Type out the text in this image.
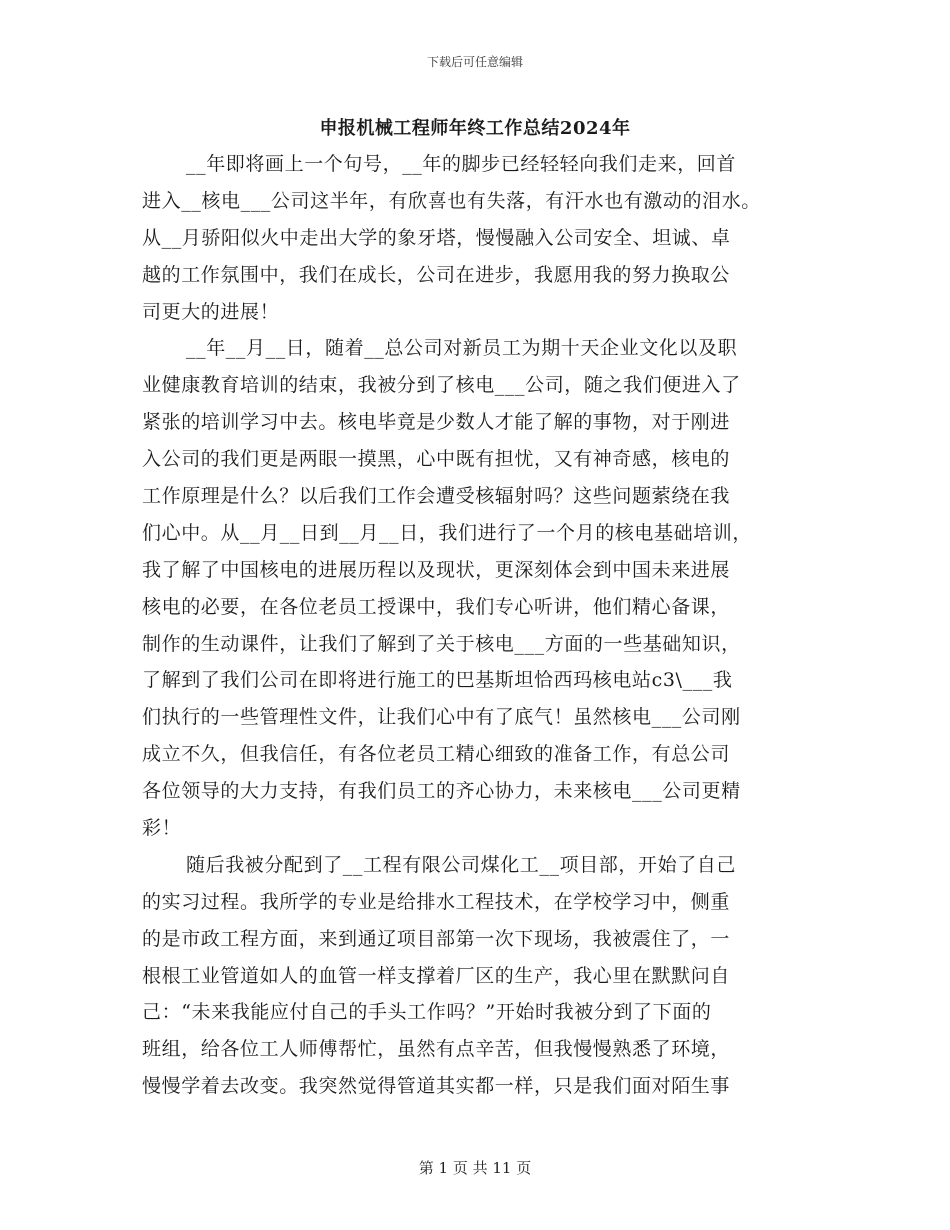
下载后可任意编辑
申报机械工程师年终工作总结2024年
__年即将画上一个句号，__年的脚步已经轻轻向我们走来，回首
进入__核电___公司这半年，有欣喜也有失落，有汗水也有激动的泪水。
从__月骄阳似火中走出大学的象牙塔，慢慢融入公司安全、坦诚、卓
越的工作氛围中，我们在成长，公司在进步，我愿用我的努力换取公
司更大的进展！
__年__月__日，随着__总公司对新员工为期十天企业文化以及职
业健康教育培训的结束，我被分到了核电___公司，随之我们便进入了
紧张的培训学习中去。核电毕竟是少数人才能了解的事物，对于刚进
入公司的我们更是两眼一摸黑，心中既有担忧，又有神奇感，核电的
工作原理是什么？以后我们工作会遭受核辐射吗？这些问题萦绕在我
们心中。从__月__日到__月__日，我们进行了一个月的核电基础培训，
我了解了中国核电的进展历程以及现状，更深刻体会到中国未来进展
核电的必要，在各位老员工授课中，我们专心听讲，他们精心备课，
制作的生动课件，让我们了解到了关于核电___方面的一些基础知识，
了解到了我们公司在即将进行施工的巴基斯坦恰西玛核电站c3\___我
们执行的一些管理性文件，让我们心中有了底气！虽然核电___公司刚
成立不久，但我信任，有各位老员工精心细致的准备工作，有总公司
各位领导的大力支持，有我们员工的齐心协力，未来核电___公司更精
彩！
随后我被分配到了__工程有限公司煤化工__项目部，开始了自己
的实习过程。我所学的专业是给排水工程技术，在学校学习中，侧重
的是市政工程方面，来到通辽项目部第一次下现场，我被震住了，一
根根工业管道如人的血管一样支撑着厂区的生产，我心里在默默问自
己：“未来我能应付自己的手头工作吗？”开始时我被分到了下面的
班组，给各位工人师傅帮忙，虽然有点辛苦，但我慢慢熟悉了环境，
慢慢学着去改变。我突然觉得管道其实都一样，只是我们面对陌生事
第 1 页 共 11 页
